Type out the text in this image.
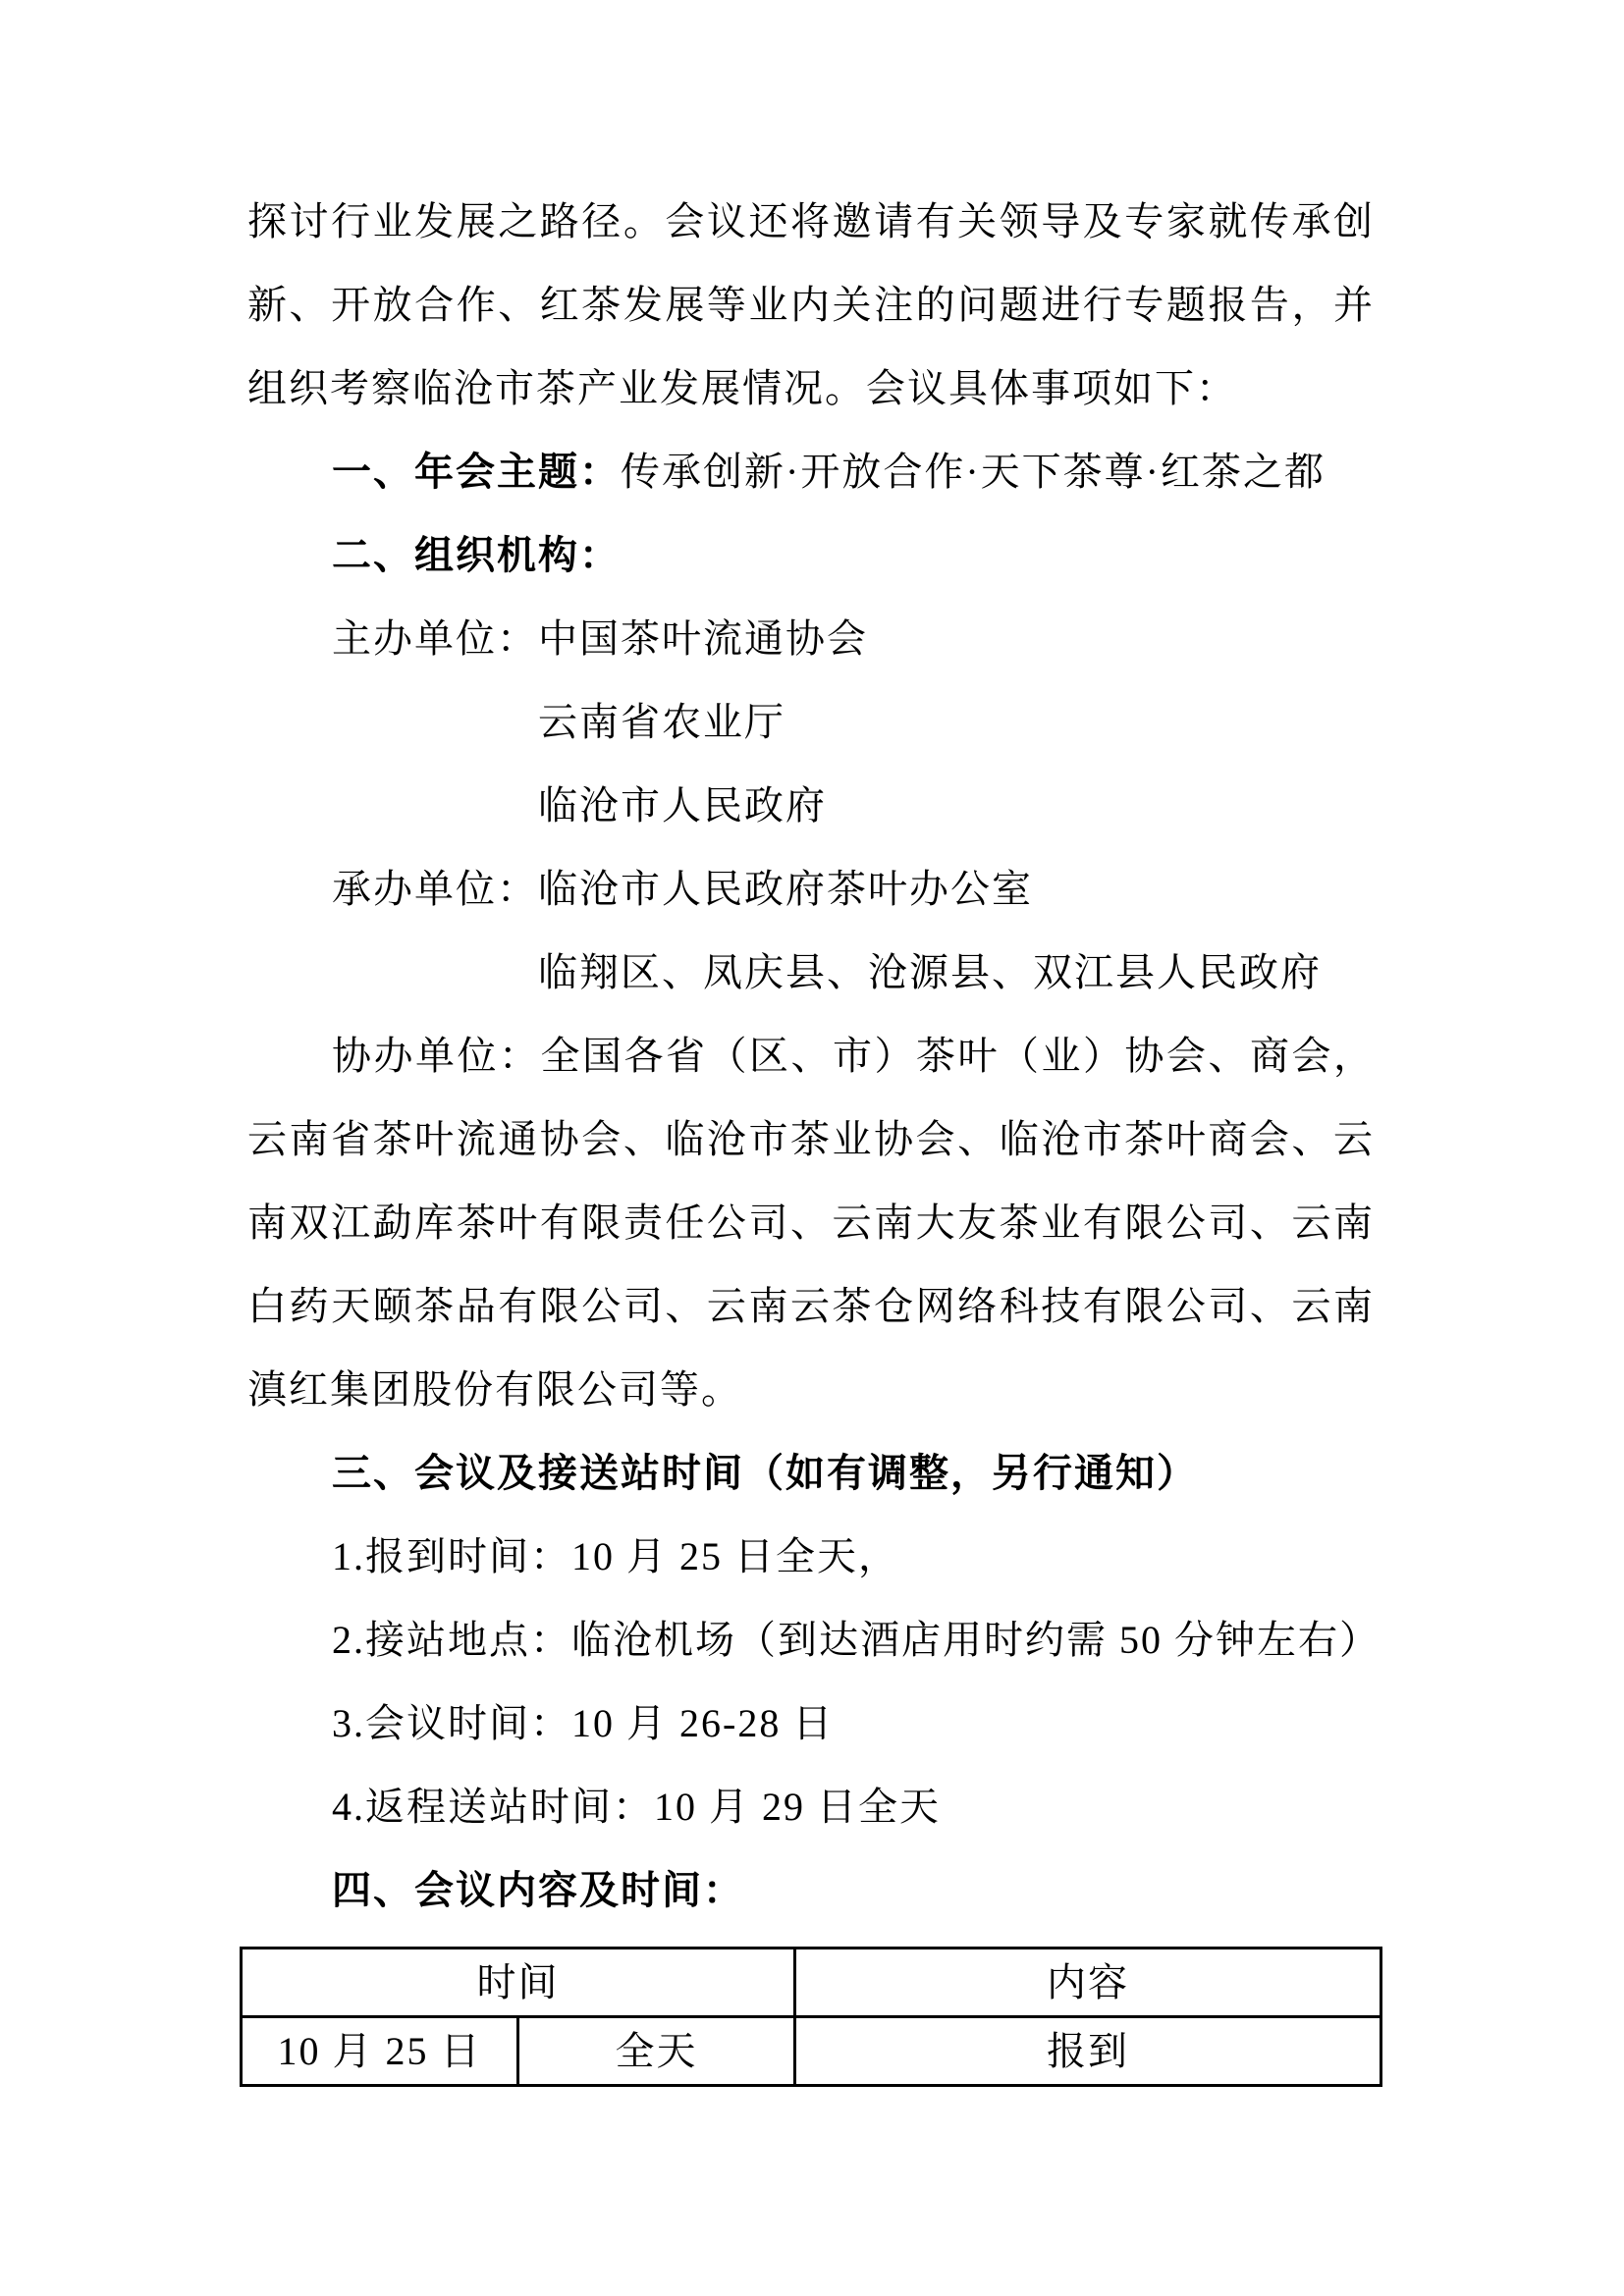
探讨行业发展之路径。会议还将邀请有关领导及专家就传承创新、开放合作、红茶发展等业内关注的问题进行专题报告，并组织考察临沧市茶产业发展情况。会议具体事项如下：

一、年会主题：传承创新·开放合作·天下茶尊·红茶之都

二、组织机构：

主办单位： 中国茶叶流通协会
云南省农业厅
临沧市人民政府
承办单位： 临沧市人民政府茶叶办公室
临翔区、凤庆县、沧源县、双江县人民政府

协办单位：全国各省（区、市）茶叶（业）协会、商会，云南省茶叶流通协会、临沧市茶业协会、临沧市茶叶商会、云南双江勐库茶叶有限责任公司、云南大友茶业有限公司、云南白药天颐茶品有限公司、云南云茶仓网络科技有限公司、云南滇红集团股份有限公司等。

三、会议及接送站时间（如有调整，另行通知）

1.报到时间：10 月 25 日全天，

2.接站地点：临沧机场（到达酒店用时约需 50 分钟左右）

3.会议时间：10 月 26-28 日

4.返程送站时间：10 月 29 日全天

四、会议内容及时间：

时间		内容
10 月 25 日	全天	报到
